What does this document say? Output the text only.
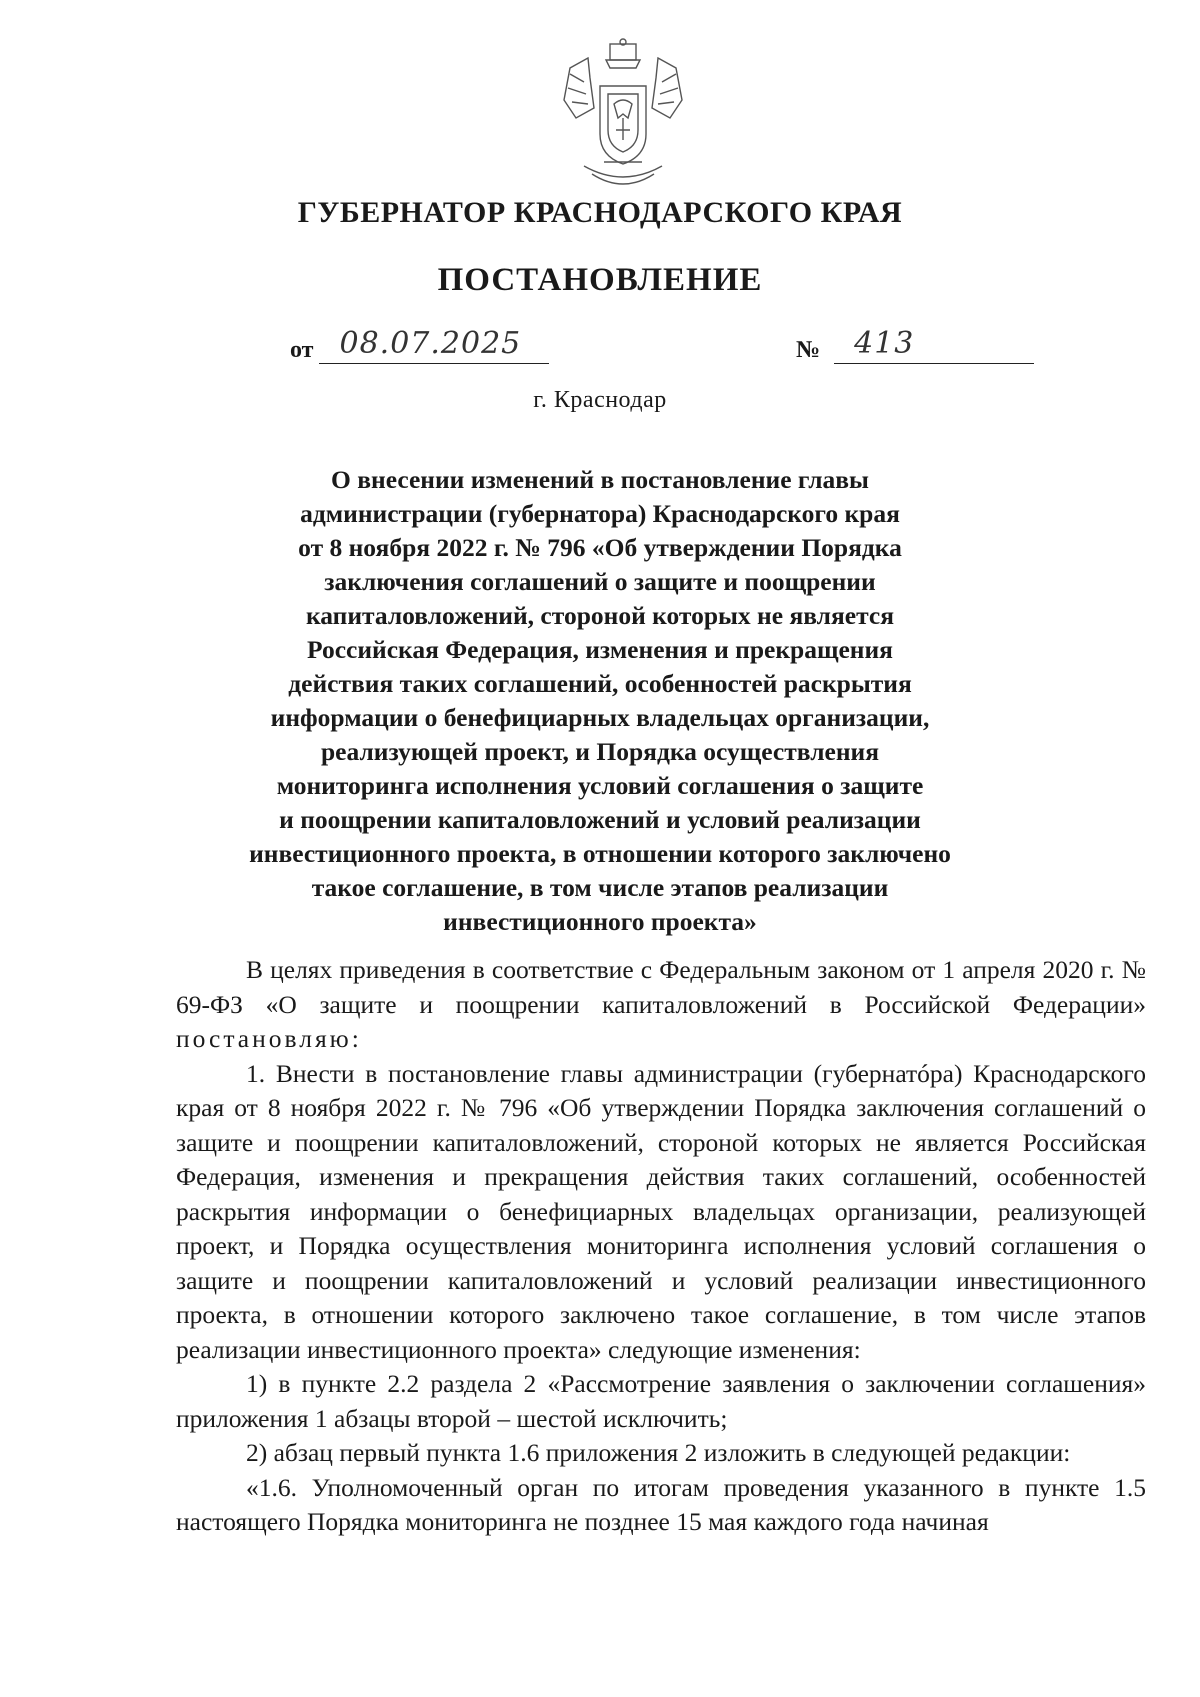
ГУБЕРНАТОР КРАСНОДАРСКОГО КРАЯ
ПОСТАНОВЛЕНИЕ
от 08.07.2025	№ 413
г. Краснодар
О внесении изменений в постановление главы
администрации (губернатора) Краснодарского края
от 8 ноября 2022 г. № 796 «Об утверждении Порядка
заключения соглашений о защите и поощрении
капиталовложений, стороной которых не является
Российская Федерация, изменения и прекращения
действия таких соглашений, особенностей раскрытия
информации о бенефициарных владельцах организации,
реализующей проект, и Порядка осуществления
мониторинга исполнения условий соглашения о защите
и поощрении капиталовложений и условий реализации
инвестиционного проекта, в отношении которого заключено
такое соглашение, в том числе этапов реализации
инвестиционного проекта»

В целях приведения в соответствие с Федеральным законом от 1 апреля 2020 г. № 69-ФЗ «О защите и поощрении капиталовложений в Российской Федерации» постановляю:

1. Внести в постановление главы администрации (губернатóра) Краснодарского края от 8 ноября 2022 г. № 796 «Об утверждении Порядка заключения соглашений о защите и поощрении капиталовложений, стороной которых не является Российская Федерация, изменения и прекращения действия таких соглашений, особенностей раскрытия информации о бенефициарных владельцах организации, реализующей проект, и Порядка осуществления мониторинга исполнения условий соглашения о защите и поощрении капиталовложений и условий реализации инвестиционного проекта, в отношении которого заключено такое соглашение, в том числе этапов реализации инвестиционного проекта» следующие изменения:

1) в пункте 2.2 раздела 2 «Рассмотрение заявления о заключении соглашения» приложения 1 абзацы второй – шестой исключить;

2) абзац первый пункта 1.6 приложения 2 изложить в следующей редакции:

«1.6. Уполномоченный орган по итогам проведения указанного в пункте 1.5 настоящего Порядка мониторинга не позднее 15 мая каждого года начиная
